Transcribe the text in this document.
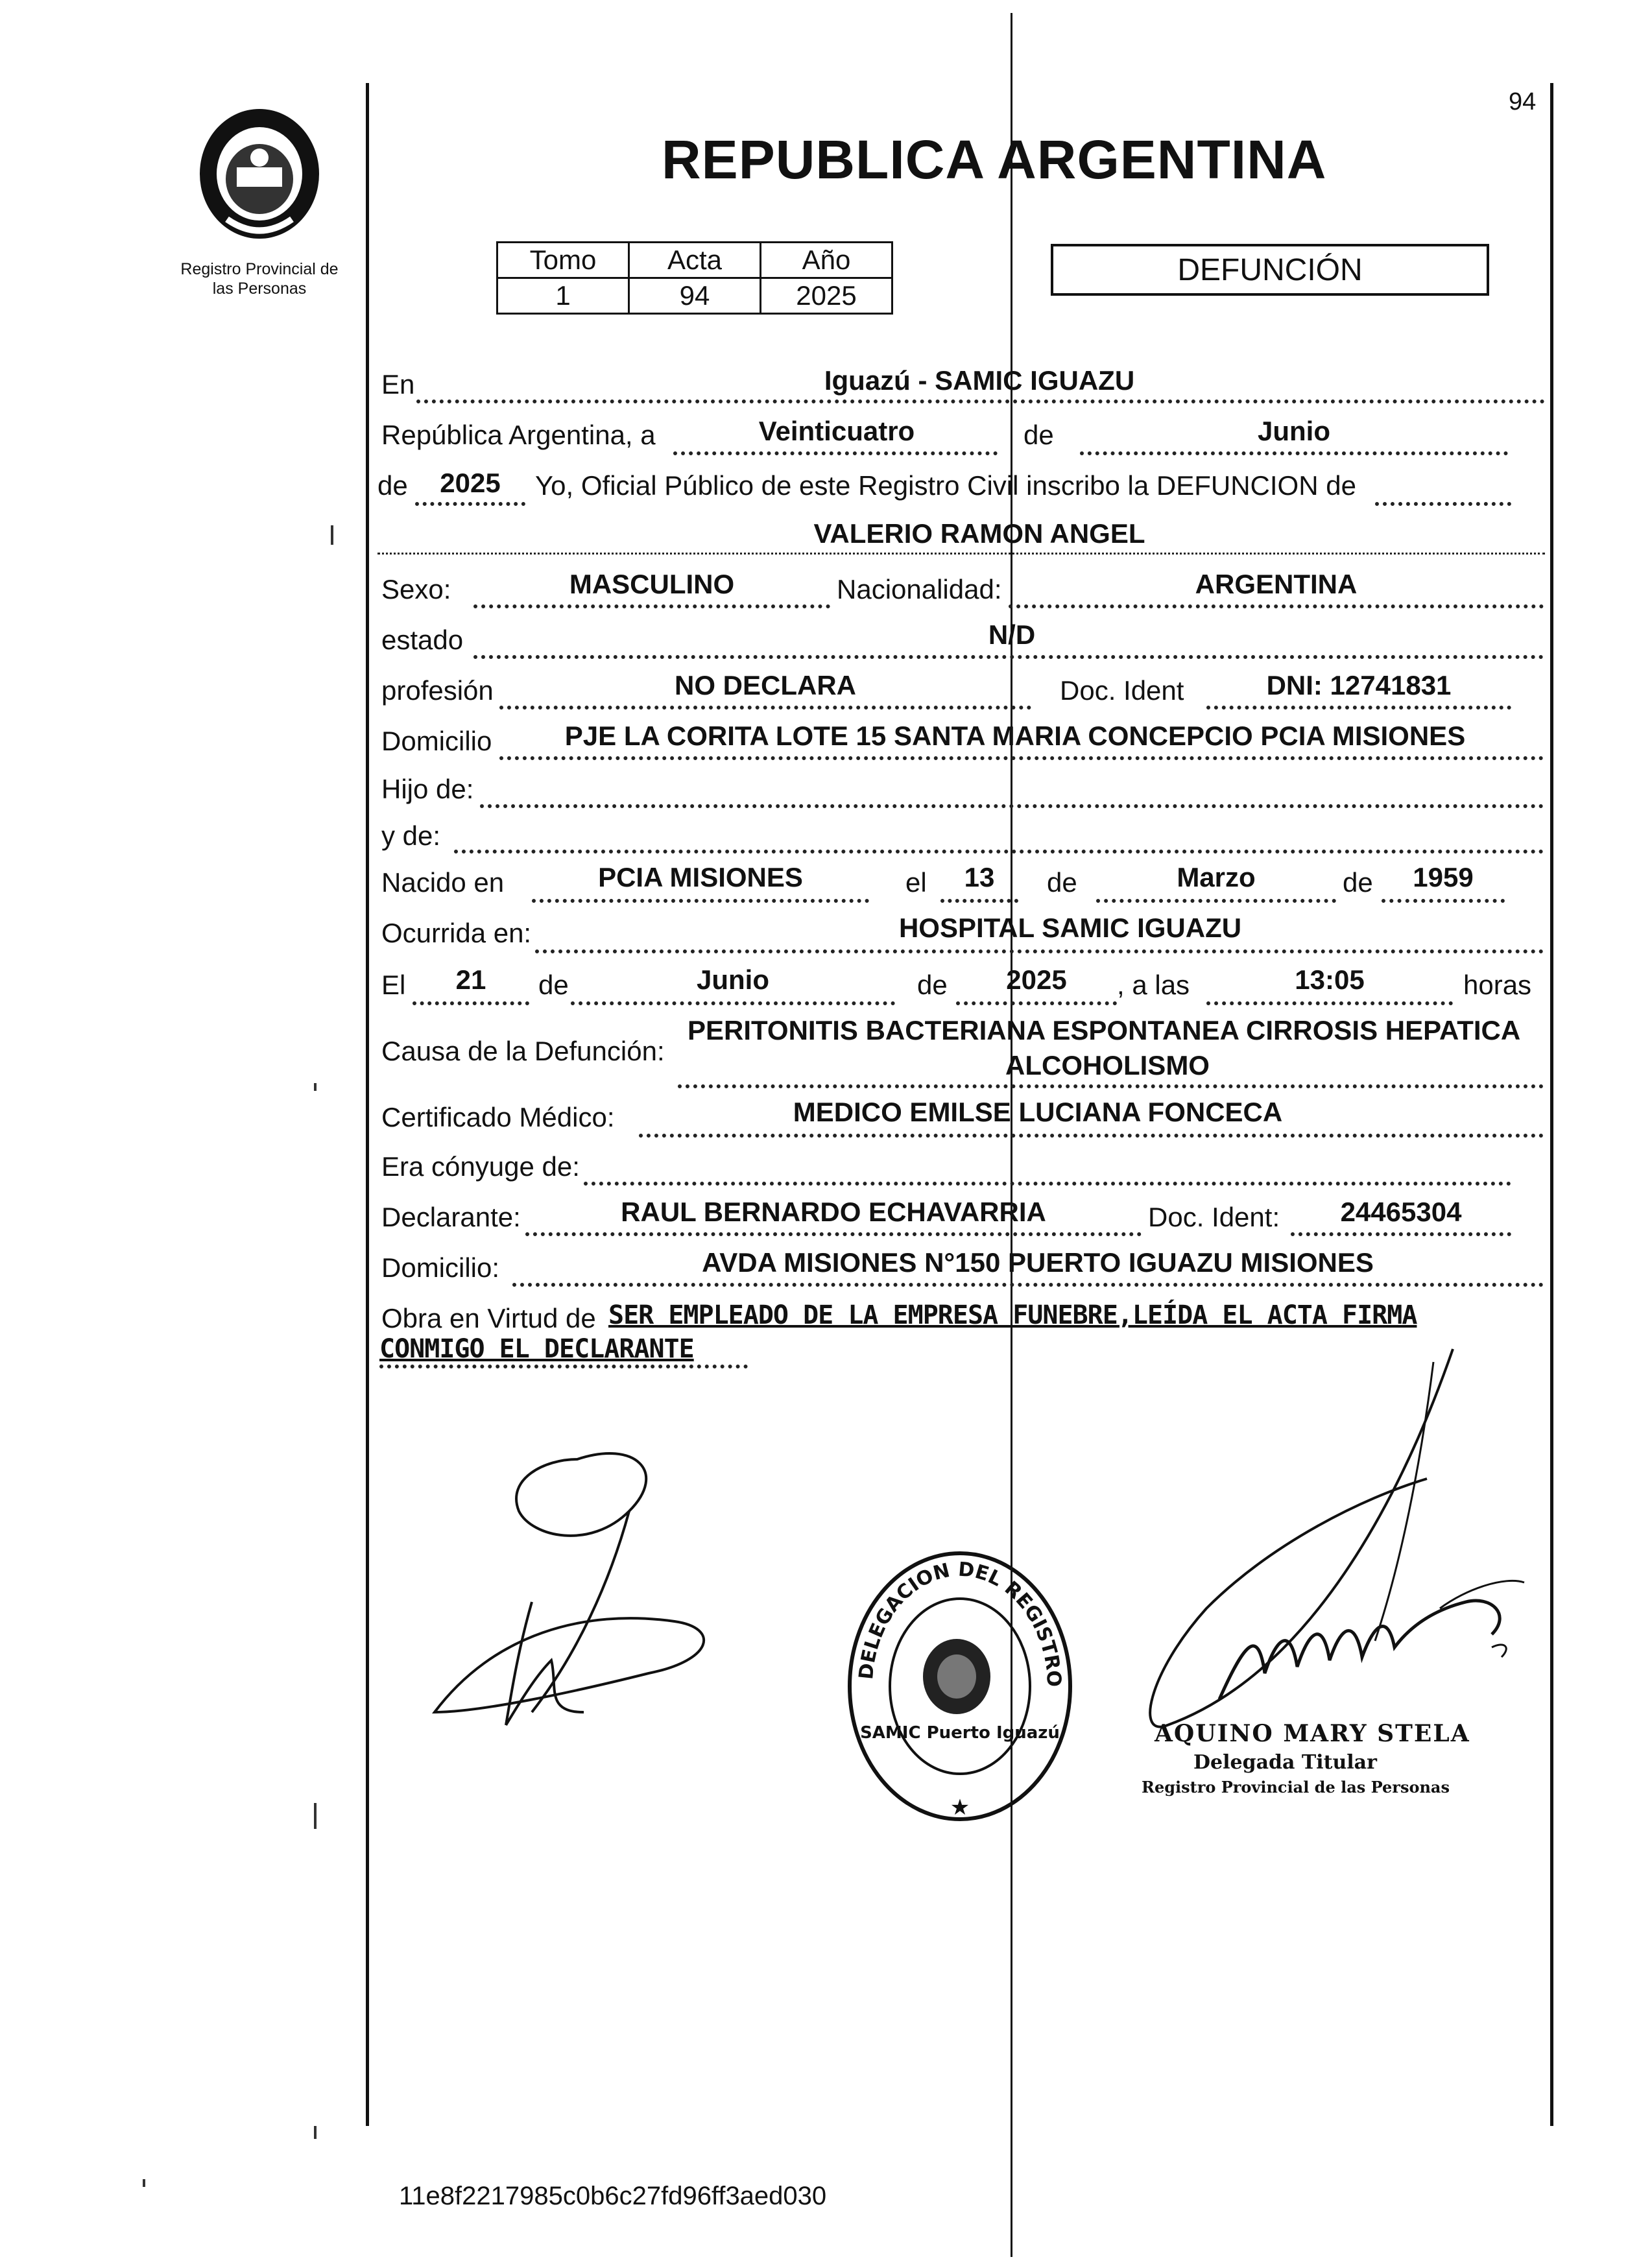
94
Registro Provincial de
las Personas
REPUBLICA ARGENTINA
Tomo	Acta	Año
1	94	2025
DEFUNCIÓN
En	Iguazú - SAMIC IGUAZU
República Argentina, a	Veinticuatro	de	Junio
de	2025	Yo, Oficial Público de este Registro Civil inscribo la DEFUNCION de
VALERIO RAMON ANGEL
Sexo:	MASCULINO	Nacionalidad:	ARGENTINA
estado	N/D
profesión	NO DECLARA	Doc. Ident	DNI: 12741831
Domicilio	PJE LA CORITA LOTE 15 SANTA MARIA CONCEPCIO PCIA MISIONES
Hijo de:
y de:
Nacido en	PCIA MISIONES	el	13	de	Marzo	de	1959
Ocurrida en:	HOSPITAL SAMIC IGUAZU
El	21	de	Junio	de	2025	, a las	13:05	horas
Causa de la Defunción:
PERITONITIS BACTERIANA ESPONTANEA CIRROSIS HEPATICA
ALCOHOLISMO
Certificado Médico:	MEDICO EMILSE LUCIANA FONCECA
Era cónyuge de:
Declarante:	RAUL BERNARDO ECHAVARRIA	Doc. Ident:	24465304
Domicilio:	AVDA MISIONES N°150 PUERTO IGUAZU MISIONES
Obra en Virtud de SER EMPLEADO DE LA EMPRESA FUNEBRE,LEÍDA EL ACTA FIRMA
CONMIGO EL DECLARANTE
DELEGACION DEL REGISTRO
SAMIC Puerto Iguazú
★
AQUINO MARY STELA
Delegada Titular
Registro Provincial de las Personas
11e8f2217985c0b6c27fd96ff3aed030
